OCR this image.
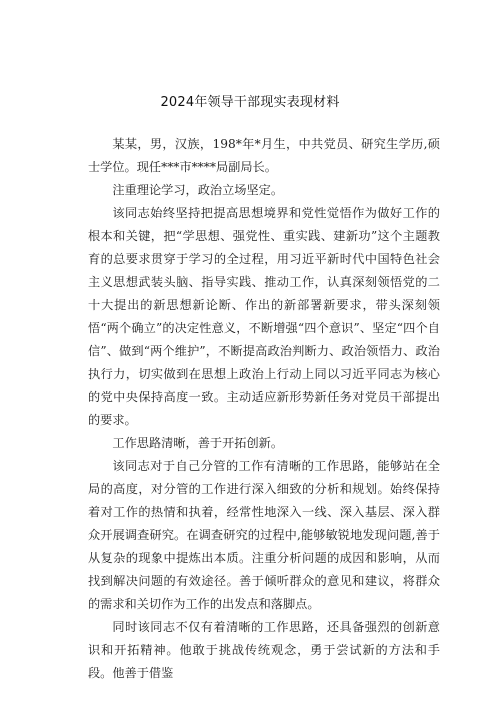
2024年领导干部现实表现材料

某某，男，汉族，198*年*月生，中共党员、研究生学历,硕士学位。现任***市****局副局长。

注重理论学习，政治立场坚定。

该同志始终坚持把提高思想境界和党性觉悟作为做好工作的根本和关键，把“学思想、强党性、重实践、建新功”这个主题教育的总要求贯穿于学习的全过程，用习近平新时代中国特色社会主义思想武装头脑、指导实践、推动工作，认真深刻领悟党的二十大提出的新思想新论断、作出的新部署新要求，带头深刻领悟“两个确立”的决定性意义，不断增强“四个意识”、坚定“四个自信”、做到“两个维护”，不断提高政治判断力、政治领悟力、政治执行力，切实做到在思想上政治上行动上同以习近平同志为核心的党中央保持高度一致。主动适应新形势新任务对党员干部提出的要求。

工作思路清晰，善于开拓创新。

该同志对于自己分管的工作有清晰的工作思路，能够站在全局的高度，对分管的工作进行深入细致的分析和规划。始终保持着对工作的热情和执着，经常性地深入一线、深入基层、深入群众开展调查研究。在调查研究的过程中,能够敏锐地发现问题,善于从复杂的现象中提炼出本质。注重分析问题的成因和影响，从而找到解决问题的有效途径。善于倾听群众的意见和建议，将群众的需求和关切作为工作的出发点和落脚点。

同时该同志不仅有着清晰的工作思路，还具备强烈的创新意识和开拓精神。他敢于挑战传统观念，勇于尝试新的方法和手段。他善于借鉴
